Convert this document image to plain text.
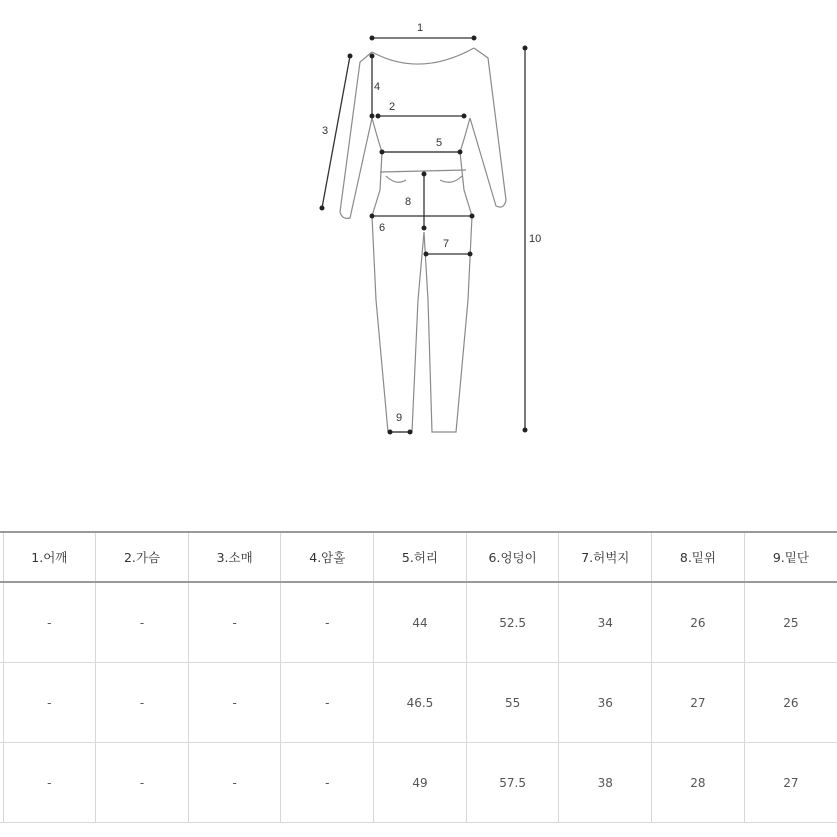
1
2
3
4
5
6
7
8
9
10
	1.어깨	2.가슴	3.소매	4.암홀	5.허리	6.엉덩이	7.허벅지	8.밑위	9.밑단
	-	-	-	-	44	52.5	34	26	25
	-	-	-	-	46.5	55	36	27	26
	-	-	-	-	49	57.5	38	28	27
